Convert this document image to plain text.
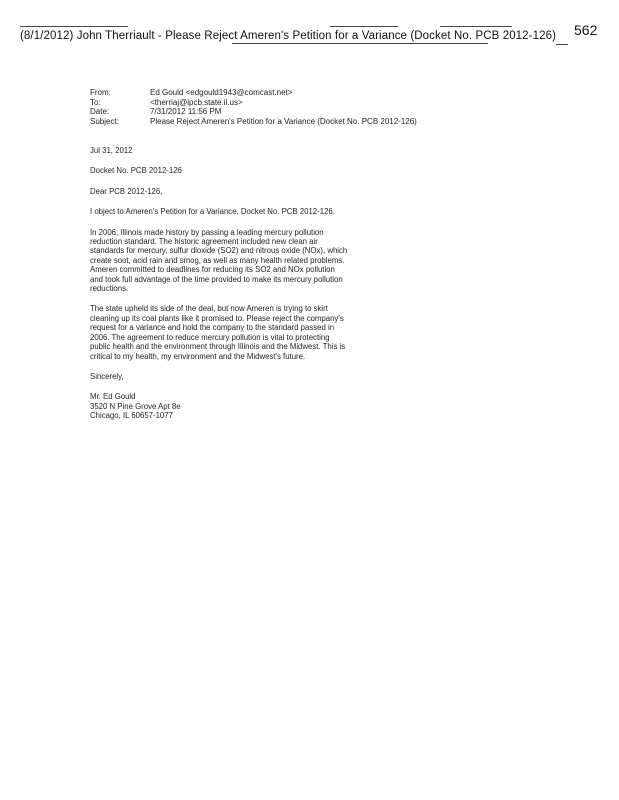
(8/1/2012) John Therriault - Please Reject Ameren's Petition for a Variance (Docket No. PCB 2012-126) 562
From:	Ed Gould <edgould1943@comcast.net>
To:	<therriaj@ipcb.state.il.us>
Date:	7/31/2012 11:56 PM
Subject:	Please Reject Ameren's Petition for a Variance (Docket No. PCB 2012-126)

Jul 31, 2012

Docket No. PCB 2012-126

Dear PCB 2012-126,

I object to Ameren's Petition for a Variance, Docket No. PCB 2012-126.

In 2006, Illinois made history by passing a leading mercury pollution reduction standard. The historic agreement included new clean air standards for mercury, sulfur dioxide (SO2) and nitrous oxide (NOx), which create soot, acid rain and smog, as well as many health related problems. Ameren committed to deadlines for reducing its SO2 and NOx pollution and took full advantage of the time provided to make its mercury pollution reductions.

The state upheld its side of the deal, but now Ameren is trying to skirt cleaning up its coal plants like it promised to. Please reject the company's request for a variance and hold the company to the standard passed in 2006. The agreement to reduce mercury pollution is vital to protecting public health and the environment through Illinois and the Midwest. This is critical to my health, my environment and the Midwest's future.

Sincerely,

Mr. Ed Gould
3520 N Pine Grove Apt 8e
Chicago, IL 60657-1077
